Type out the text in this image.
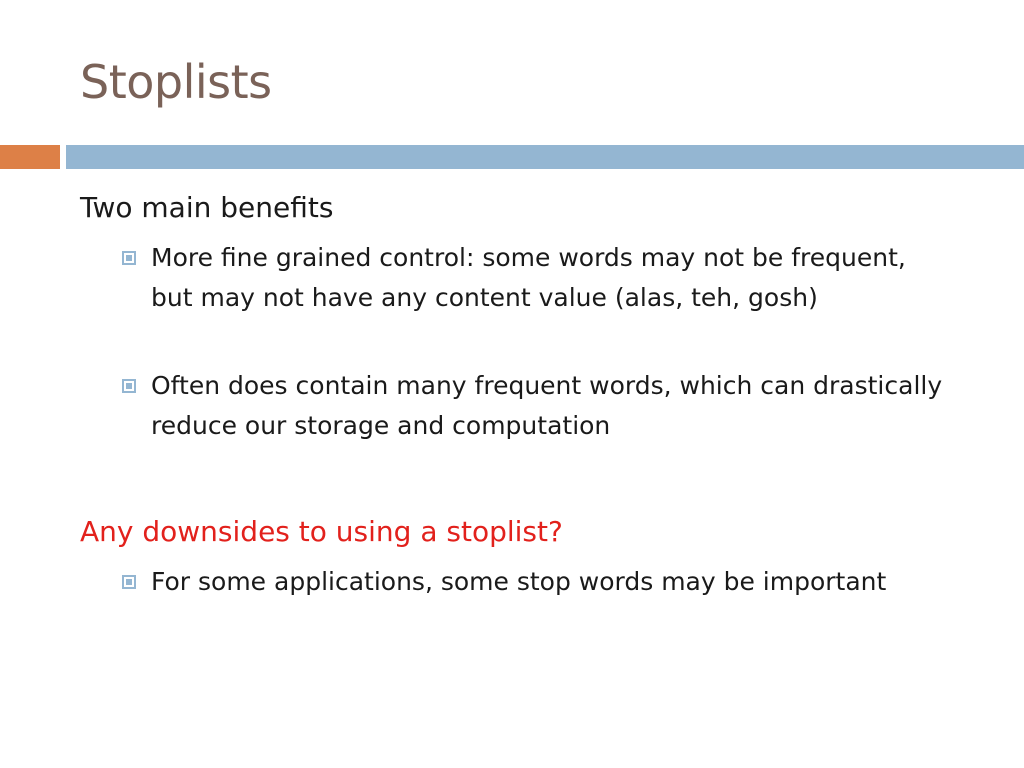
Stoplists
Two main benefits
More fine grained control: some words may not be frequent, but may not have any content value (alas, teh, gosh)
Often does contain many frequent words, which can drastically reduce our storage and computation
Any downsides to using a stoplist?
For some applications, some stop words may be important
